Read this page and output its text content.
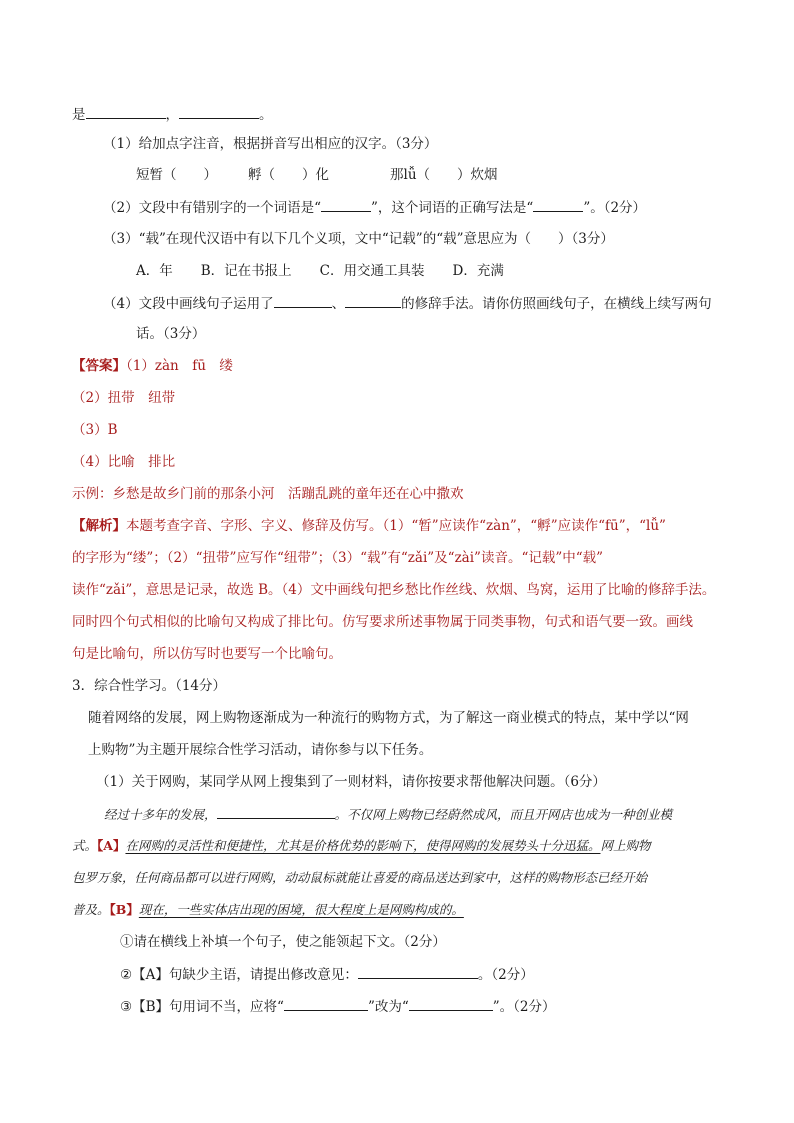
是	，	。
（1）给加点字注音，根据拼音写出相应的汉字。（3分）
短暂（　　） 孵（　　）化	那lǚ（　　）炊烟
（2）文段中有错别字的一个词语是“	”，这个词语的正确写法是“	”。（2分）
（3）“载”在现代汉语中有以下几个义项，文中“记载”的“载”意思应为（　　）（3分）
A．年 B．记在书报上 C．用交通工具装 D．充满
（4）文段中画线句子运用了	、	的修辞手法。请你仿照画线句子，在横线上续写两句
话。（3分）
【答案】（1）zàn　fū　缕
（2）扭带　纽带
（3）B
（4）比喻　排比
示例：乡愁是故乡门前的那条小河　活蹦乱跳的童年还在心中撒欢
【解析】本题考查字音、字形、字义、修辞及仿写。（1）“暂”应读作“zàn”，“孵”应读作“fū”，“lǚ”
的字形为“缕”；（2）“扭带”应写作“纽带”；（3）“载”有“zǎi”及“zài”读音。“记载”中“载”
读作“zǎi”，意思是记录，故选 B。（4）文中画线句把乡愁比作丝线、炊烟、鸟窝，运用了比喻的修辞手法。
同时四个句式相似的比喻句又构成了排比句。仿写要求所述事物属于同类事物，句式和语气要一致。画线
句是比喻句，所以仿写时也要写一个比喻句。
3．综合性学习。（14分）
随着网络的发展，网上购物逐渐成为一种流行的购物方式，为了解这一商业模式的特点，某中学以“网
上购物”为主题开展综合性学习活动，请你参与以下任务。
（1）关于网购，某同学从网上搜集到了一则材料，请你按要求帮他解决问题。（6分）
经过十多年的发展，	。不仅网上购物已经蔚然成风，而且开网店也成为一种创业模
式。【A】在网购的灵活性和便捷性，尤其是价格优势的影响下，使得网购的发展势头十分迅猛。网上购物
包罗万象，任何商品都可以进行网购，动动鼠标就能让喜爱的商品送达到家中，这样的购物形态已经开始
普及。【B】现在，一些实体店出现的困境，很大程度上是网购构成的。
①请在横线上补填一个句子，使之能领起下文。（2分）
②【A】句缺少主语，请提出修改意见：	。（2分）
③【B】句用词不当，应将“	”改为“	”。（2分）
